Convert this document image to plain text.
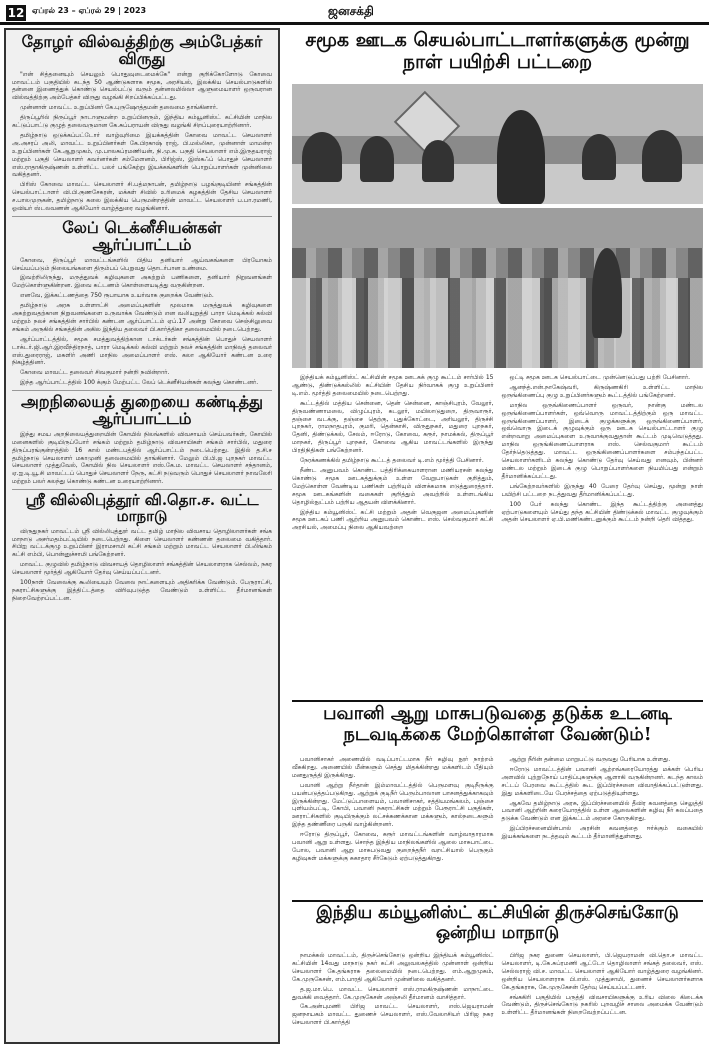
12 ஏப்ரல் 23 – ஏப்ரல் 29 | 2023	ஜனசக்தி
தோழர் வில்வத்திற்கு அம்பேத்கர் விருது

"என் சித்தனையும் செயலும் பொதுவுடைமைக்கே" என்று குறிக்கோளோடு கோவை மாவட்டம் பகுதியில் கடந்த 50 ஆண்டுகளாக சமூக, அரசியல், இலக்கிய செயல்பாடுகளில் தன்னை இணைத்துக் கொண்டு செயல்பட்டு வரும் தன்னலமில்லா ஆளுமையாளர் ஒருவரான வில்வத்திற்கு அம்பேத்கர் விருது வழங்கி சிறப்பிக்கப்பட்டது.

முன்னாள் மாவட்ட உறுப்பினர் கே.புருஷோத்தமன் தலைமை தாங்கினார்.

திருப்பூரில் நிருப்பூர் நாடாளுமன்ற உறுப்பினரும், இந்திய கம்யூனிஸ்ட் கட்சியின் மாநில கட்டுப்பாட்டு குழுத் தலைவருமான கே.சுப்பராயன் விருது வழங்கி சிறப்புரையாற்றினார்.

தமிழ்நாடு ஒடுக்கப்பட்டோர் வாழ்வுரிமை இயக்கத்தின் கோவை மாவட்ட செயலாளர் அ.அசரப் அலி, மாவட்ட உறுப்பினர்கள் கே.பிரகாஷ் ராஜ், பி.மல்லிகா, முன்னாள் மாமன்ற உறுப்பினர்கள் கே.ஆறுமுகம், மு.பாலசுப்ரமணியன், நி.மு.க. பகுதி செயலாளர் எம்.இருதயராஜ் மற்றும் பகுதி செயலாளர் கவர்னர்கள் சம்மேளனம், பிரிஜ்ஸ், இஸ்கஃப் பொதுச் செயலாளர் எஸ்.ராதாகிருஷ்ணன் உள்ளிட்ட பலர் பங்கேற்று இயக்கங்களின் பொறுப்பாளர்கள் முன்னிலை வகித்தனர்.

பிரிஸ் கோவை மாவட்ட செயலாளர் சி.பத்மநாபன், தமிழ்நாடு பழங்குடியினர் சங்கத்தின் செயல்பாட்டாளர் வி.பி.குணசேகரன், மக்கள் சிவில் உரிமைக் கழகத்தின் தேசிய செயலாளர் ச.பாலமுருகன், தமிழ்நாடு கலை இலக்கிய பெருமன்றத்தின் மாவட்ட செயலாளர் ப.பா.ரமணி, ஓவியர் ஸ்டலவணன் ஆகியோர் வாழ்த்துரை வழங்கினார்.

லேப் டெக்னீசியன்கள் ஆர்ப்பாட்டம்

கோவை, திருப்பூர் மாவட்டங்களில் பிதிய தனியார் ஆய்வகங்களை பிரயோகம் செய்யப்படும் நிலையங்களை திரும்பப் பெறுவது தொடர்பான உண்மை.

இவற்றிலிருந்து, மருத்துவக் கழிவுகளை அகற்றும் பணிகளை, தனியார் நிறுவனங்கள் மேற்கொள்ளுகின்றன. இவை கட்டணம் கொள்ளையடித்து வருகின்றன.

எனவே, இக்கட்டணத்தை 750 ரூபாயாக உயர்வாக குறைக்க வேண்டும்.

தமிழ்நாடு அரசு உள்ளாட்சி அமைப்புகளின் மூலமாக மருத்துவக் கழிவுகளை அகற்றுவதற்கான நிறுவனங்களை உருவாக்க வேண்டும் என வலியுறுத்தி பாரா மெடிக்கல் கல்வி மற்றும் நலச் சங்கத்தின் சார்பில் கண்டன ஆர்ப்பாட்டம் ஏப்.17 அன்று கோவை செஞ்சிலுவை சங்கம் அருகில் சங்கத்தின் அகில இந்திய தலைவர் பி.கார்த்திகா தலைமையில் நடைபெற்றது.

ஆர்ப்பாட்டத்தில், சமூக சமத்துவத்திற்கான டாக்டர்கள் சங்கத்தின் பொதுச் செயலாளர் டாக்டர்.ஜி.ஆர்.இரவீந்திரநாத், பாரா மெடிக்கல் கல்வி மற்றும் நலச் சங்கத்தின் மாநிலத் தலைவர் எஸ்.துரைராஜ், மகளிர் அணி மாநில அமைப்பாளர் எஸ். கலா ஆகியோர் கண்டன உரை நிகழ்த்தினர்.

கோவை மாவட்ட தலைவர் சிவகுமார் நன்றி நவின்றார்.

இந்த ஆர்ப்பாட்டத்தில் 100 க்கும் மேற்பட்ட லேப் டெக்னீசியன்கள் கலந்து கொண்டனர்.

அறநிலையத் துறையை கண்டித்து ஆர்ப்பாட்டம்

இந்து சமய அறநிலையத்துறையின் கோயில் நிலங்களில் விவசாயம் செய்பவர்கள், கோயில் மனைகளில் குடியிருப்போர் சங்கம் மற்றும் தமிழ்நாடு விவசாயிகள் சங்கம் சார்பில், மதுரை திருப்பரங்குன்றத்தில் 16 கால் மண்டபத்தில் ஆர்ப்பாட்டம் நடைபெற்றது. இதில் த.சி.ச தமிழ்நாடு செயலாளர் மகாமுனி தலைமையில் தாங்கினார். மேலும் பி.பி.ஜ புறநகர் மாவட்ட செயலாளர் முத்துவேல், கோயில் நில செயலாளர் எஸ்.கே.ம. மாவட்ட செயலாளர் சந்தானம், ஏ.ஐ.டி.யூ.சி மாவட்டப் பொதுச் செயலாளர் நேரு, கட்சி நடுவரும் பொதுச் செயலாளர் நாவலேரி மற்றும் பலர் கலந்து கொண்டு கண்டன உரையாற்றினார்.

ஸ்ரீ வில்லிபுத்தூர் வி.தொ.ச. வட்ட மாநாடு

விருதுநகர் மாவட்டம் ஸ்ரீ வில்லிபுத்தூர் வட்ட தமிழ் மாநில விவசாய தொழிலாளர்கள் சங்க மாநாடு அசர்மதம்பட்டியில் நடைபெற்றது. கிளை செயலாளர் கண்ணன் தலைமை வகித்தார். சிபிஐ வட்டக்குழு உறுப்பினர் இராமசாமி கட்சி சங்கம் மற்றும் மாவட்ட செயலாளர் பி.லிங்கம் கட்சி எம்பி, பொன்னுச்சாமி பங்கேற்றனர்.

மாவட்ட குழுவில் தமிழ்நாடு விவசாயத் தொழிலாளர் சங்கத்தின் செயலாளராக செல்லம், நகர செயலாளர் மூர்த்தி ஆகியோர் தேர்வு செய்யப்பட்டனர்.

100நாள் வேலைக்கு கூலியையும் வேலை நாட்களையும் அதிகரிக்க வேண்டும். பேருராட்சி, நகராட்சிகளுக்கு இத்திட்டத்தை விரிவுபடுத்த வேண்டும் உள்ளிட்ட தீர்மானங்கள் நிறைவேற்றப்பட்டன.

சமூக ஊடக செயல்பாட்டாளர்களுக்கு மூன்று நாள் பயிற்சி பட்டறை

இந்தியக் கம்யூனிஸ்ட் கட்சியின் சமூக ஊடகக் குழு கூட்டம் சார்பில் 15 ஆண்டு, திண்டுக்கல்லில் கட்சியின் தேசிய நிர்வாகக் குழு உறுப்பினர் டி.எம். மூர்த்தி தலைமையில் நடைபெற்றது.

கூட்டத்தில் மத்திய சென்னை, தென் சென்னை, காஞ்சிபுரம், வேலூர், திருவண்ணாமலை, விழுப்புரம், கடலூர், மயிலாடுதுறை, திருவாரூர், தஞ்சை வடக்கு, தஞ்சை தெற்கு, புதுக்கோட்டை, அரியலூர், திருச்சி புறநகர், ராமநாதபுரம், குமரி, தென்காசி, விருதுநகர், மதுரை புறநகர், தேனி, திண்டுக்கல், சேலம், ஈரோடு, கோவை, கரூர், நாமக்கல், திருப்பூர் மாநகர், திருப்பூர் புறநகர், கோவை ஆகிய மாவட்டங்களில் இருந்து பிரதிநிதிகள் பங்கேற்றனர்.

நேரக்கணக்கில் தமிழ்நாடு கூட்டத் தலைவர் டி.எம் மூர்த்தி பேசினார்.

நீண்ட அனுபவம் கொண்ட பத்திரிக்கையாளரான மணியரசன் கலந்து கொண்டு சமூக ஊடகத்துக்கும் உள்ள வேறுபாடுகள் குறித்தும், மேற்கொள்ள வேண்டிய பணிகள் பற்றியும் விளக்கமாக எடுத்துரைத்தார். சமூக ஊடகங்களின் வகைகள் குறித்தும் அவற்றில் உள்ளடங்கிய தொழில்நுட்பம் பற்றிய ஆதயன் விளக்கினார்.

இந்திய கம்யூனிஸ்ட் கட்சி மற்றும் அதன் வெகுஜன அமைப்புகளின் சமூக ஊடகப் பணி ஆற்றிய அனுபவம் கொண்ட எஸ். செல்வகுமார் கட்சி அரசியல், அமைப்பு நிலை ஆகியவற்றை

ஒட்டி சமூக ஊடக செயல்பாட்டை முன்னெடுப்பது பற்றி பேசினார்.

ஆனந்த்.என்.நாகேஷ்வரி, கிருஷ்ணகிரி உள்ளிட்ட மாநில ஒருங்கிணைப்பு குழு உறுப்பினர்களும் கூட்டத்தில் பங்கேற்றனர்.

மாநில ஒருங்கிணைப்பாளர் ஒருவர், நான்கு மண்டல ஒருங்கிணைப்பாளர்கள், ஒவ்வொரு மாவட்டத்திற்கும் ஒரு மாவட்ட ஒருங்கிணைப்பாளர், இடைக் குழுக்களுக்கு ஒருங்கிணைப்பாளர், ஒவ்வொரு இடைக் குழுவுக்கும் ஒரு ஊடக செயல்பாட்டாளர் குழு என்றவாறு அமைப்புகளை உருவாக்குவதுதான் கூட்டம் முடிவெடுத்தது. மாநில ஒருங்கிணைப்பாளராக எஸ். செல்வகுமார் கூட்டம் தேர்ந்தெடுத்தது. மாவட்ட ஒருங்கிணைப்பாளர்களை சம்பந்தப்பட்ட செயலாளர்களிடம் கலந்து கொண்டு தேர்வு செய்வது எனவும், பின்னர் மண்டல மற்றும் இடைக் குழு பொறுப்பாளர்களை நியமிப்பது என்றும் தீர்மானிக்கப்பட்டது.

பங்கேற்றவர்களில் இருந்து 40 பேரை தேர்வு செய்து, மூன்று நாள் பயிற்சி பட்டறை நடத்துவது தீர்மானிக்கப்பட்டது.

100 பேர் கலந்து கொண்ட இந்த கூட்டத்திற்கு அனைத்து ஏற்பாடுகளையும் செய்து தந்த கட்சியின் திண்டுக்கல் மாவட்ட குழுவுக்கும் அதன் செயலாளர் ஏ.பி.மணிகண்டனுக்கும் கூட்டம் நன்றி தெரி வித்தது.

பவானி ஆறு மாசுபடுவதை தடுக்க உடனடி நடவடிக்கை மேற்கொள்ள வேண்டும்!

பவானிசாகர் அணையில் வடிப்பாட்டமாக நீர் கழிவு நூர் நாற்றம் வீசுகிறது. அணையில் மீன்களும் செத்து மிதக்கின்றது மக்களிடம் பீதியும் மனதுருத்தி இருக்கிறது.

பவானி ஆற்று நீர்தான் இம்மாவட்டத்தில் பெருமளவு குடிநீருக்கு பயன்படுத்தப்படுகிறது. ஆற்றுக் குடிநீர் பெரும்பாலான பாசனத்துக்காகவும் இருக்கின்றது. மேட்டுப்பாளையம், பவானிசாகர், சத்தியமங்கலம், புஞ்சை புளியம்பட்டி, கோபி, பவானி நகராட்சிகள் மற்றும் பேரூராட்சி பகுதிகள், ஊராட்சிகளில் குடியிருக்கும் லட்சக்கணக்கான மக்களும், கால்நடைகளும் இந்த தண்ணீரை பருகி வாழ்கின்றனர்.

ஈரோடு திருப்பூர், கோவை, கரூர் மாவட்டங்களின் வாழ்வாதாரமாக பவானி ஆறு உள்ளது. சொந்த இந்திய மாநிலங்களில் ஆலை மாசுபாட்டை போல, பவானி ஆறு மாசுபடுவது குறைந்தநீர் வறட்சியால் பெருகும் கழிவுகள் மக்களுக்கு சுகாதார சீர்கேடும் ஏற்படுத்துகிறது.

ஆற்று நீரின் தன்மை மாறுபட்டு வருவது பேரியாக உள்ளது.

ஈரோடு மாவட்டத்தின் பவானி ஆற்றங்கரையோரத்து மக்கள் பெரிய அளவில் புற்றுநோய் பாதிப்புகளுக்கு ஆளாகி வருகின்றனர். கடந்த காலம் சட்டப் பேரவை கூட்டத்தில் கூட இப்பிரச்சனை விவாதிக்கப்பட்டுள்ளது. இது மக்களிடையே பேரச்சத்தை ஏற்படுத்தியுள்ளது.

ஆகவே தமிழ்நாடு அரசு, இப்பிரச்சனையில் தீவிர கவனத்தை செலுத்தி பவானி ஆற்றின் கரையோரத்தில் உள்ள ஆலைகளின் கழிவு நீர் கலப்பதை தடுக்க வேண்டும் என இக்கட்டம் அரசை கோருகிறது.

இப்பிரச்சனையின்பால் அரசின் கவனத்தை ஈர்க்கும் வகையில் இயக்கங்களை நடத்தவும் கூட்டம் தீர்மானித்துள்ளது.

இந்திய கம்யூனிஸ்ட் கட்சியின் திருச்செங்கோடு ஒன்றிய மாநாடு

நாமக்கல் மாவட்டம், திருச்செங்கோடு ஒன்றிய இந்தியக் கம்யூனிஸ்ட் கட்சியின் 14வது மாநாடு நகர் கட்சி அலுவலகத்தில் முன்னாள் ஒன்றிய செயலாளர் கே.தங்கராசு தலைமையில் நடைபெற்றது. எம்.ஆறுமுகம், கே.முருகேசன், எம்.பாரதி ஆகியோர் முன்னிலை வகித்தனர்.

த.ஜ.மா.பெ. மாவட்ட செயலாளர் எஸ்.ராமகிருஷ்ணன் மாநாட்டை துவக்கி வைத்தார். கே.முருகேசன் அஞ்சலி தீர்மானம் வாசித்தார்.

கே.அன்புமணி பிரிஜ மாவட்ட செயலாளர், எஸ்.ஜெயராமன் ஜனநாயகம் மாவட்ட துணைச் செயலாளர், எஸ்.வேலாசியர் பிரிஜ நகர செயலாளர் பி.கார்த்தி

பிரிஜ நகர துணை செயலாளர், பி.ஜெயராமன் வி.தொ.ச மாவட்ட செயலாளர், டி.கே.சுப்ரமணி ஆட்டோ தொழிலாளர் சங்கத் தலைவர், எஸ். செல்லராஜ் வி.ச. மாவட்ட செயலாளர் ஆகியோர் வாழ்த்துரை வழங்கினர். ஒன்றிய செயலாளராக பி.எஸ். முத்துசாமி, துணைச் செயலாளர்களாக கே.தங்கராசு, கே.முருகேசன் தேர்வு செய்யப்பட்டனர்.

சங்ககிரி பகுதியில் பருத்தி விவசாயிகளுக்கு உரிய விலை கிடைக்க வேண்டும், திருச்செங்கோடு நகரில் புறவழிச் சாலை அமைக்க வேண்டும் உள்ளிட்ட தீர்மானங்கள் நிறைவேற்றப்பட்டன.
